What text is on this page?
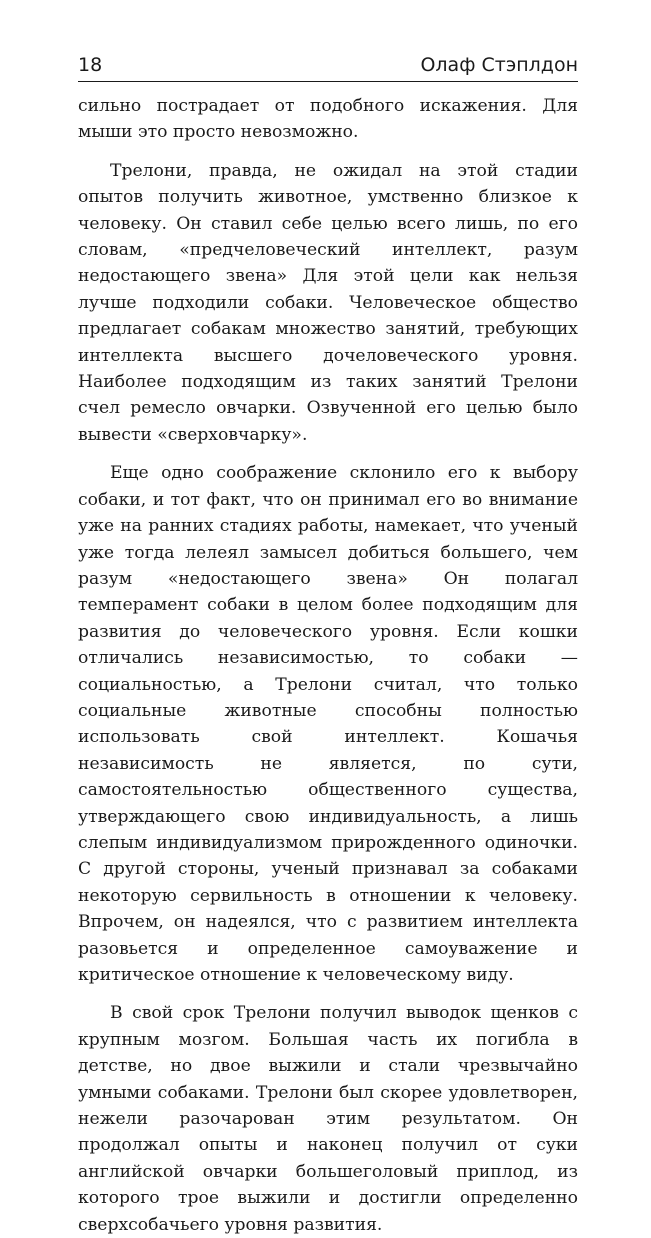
18	Олаф Стэплдон

сильно пострадает от подобного искажения. Для мыши это просто невозможно.

Трелони, правда, не ожидал на этой стадии опытов получить животное, умственно близкое к человеку. Он ставил себе целью всего лишь, по его словам, «предчеловеческий интеллект, разум недостающего звена» Для этой цели как нельзя лучше подходили собаки. Человеческое общество предлагает собакам множество занятий, требующих интеллекта высшего дочеловеческого уровня. Наиболее подходящим из таких занятий Трелони счел ремесло овчарки. Озвученной его целью было вывести «сверховчарку».

Еще одно соображение склонило его к выбору собаки, и тот факт, что он принимал его во внимание уже на ранних стадиях работы, намекает, что ученый уже тогда лелеял замысел добиться большего, чем разум «недостающего звена» Он полагал темперамент собаки в целом более подходящим для развития до человеческого уровня. Если кошки отличались независимостью, то собаки — социальностью, а Трелони считал, что только социальные животные способны полностью использовать свой интеллект. Кошачья независимость не является, по сути, самостоятельностью общественного существа, утверждающего свою индивидуальность, а лишь слепым индивидуализмом прирожденного одиночки. С другой стороны, ученый признавал за собаками некоторую сервильность в отношении к человеку. Впрочем, он надеялся, что с развитием интеллекта разовьется и определенное самоуважение и критическое отношение к человеческому виду.

В свой срок Трелони получил выводок щенков с крупным мозгом. Большая часть их погибла в детстве, но двое выжили и стали чрезвычайно умными собаками. Трелони был скорее удовлетворен, нежели разочарован этим результатом. Он продолжал опыты и наконец получил от суки английской овчарки большеголовый приплод, из которого трое выжили и достигли определенно сверхсобачьего уровня развития.
